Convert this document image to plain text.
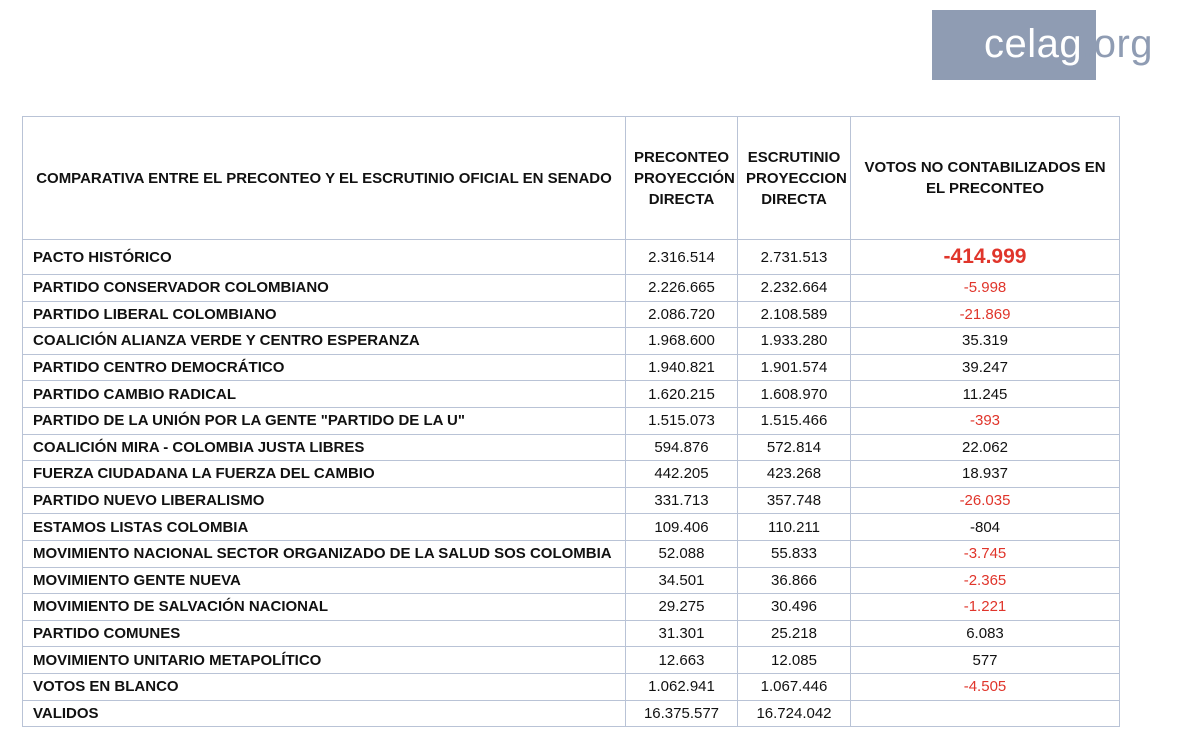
celag.org
COMPARATIVA ENTRE EL PRECONTEO Y EL ESCRUTINIO OFICIAL EN SENADO	PRECONTEO PROYECCIÓN DIRECTA	ESCRUTINIO PROYECCION DIRECTA	VOTOS NO CONTABILIZADOS EN EL PRECONTEO
PACTO HISTÓRICO	2.316.514	2.731.513	-414.999
PARTIDO CONSERVADOR COLOMBIANO	2.226.665	2.232.664	-5.998
PARTIDO LIBERAL COLOMBIANO	2.086.720	2.108.589	-21.869
COALICIÓN ALIANZA VERDE Y CENTRO ESPERANZA	1.968.600	1.933.280	35.319
PARTIDO CENTRO DEMOCRÁTICO	1.940.821	1.901.574	39.247
PARTIDO CAMBIO RADICAL	1.620.215	1.608.970	11.245
PARTIDO DE LA UNIÓN POR LA GENTE "PARTIDO DE LA U"	1.515.073	1.515.466	-393
COALICIÓN MIRA - COLOMBIA JUSTA LIBRES	594.876	572.814	22.062
FUERZA CIUDADANA LA FUERZA DEL CAMBIO	442.205	423.268	18.937
PARTIDO NUEVO LIBERALISMO	331.713	357.748	-26.035
ESTAMOS LISTAS COLOMBIA	109.406	110.211	-804
MOVIMIENTO NACIONAL SECTOR ORGANIZADO DE LA SALUD SOS COLOMBIA	52.088	55.833	-3.745
MOVIMIENTO GENTE NUEVA	34.501	36.866	-2.365
MOVIMIENTO DE SALVACIÓN NACIONAL	29.275	30.496	-1.221
PARTIDO COMUNES	31.301	25.218	6.083
MOVIMIENTO UNITARIO METAPOLÍTICO	12.663	12.085	577
VOTOS EN BLANCO	1.062.941	1.067.446	-4.505
VALIDOS	16.375.577	16.724.042	
